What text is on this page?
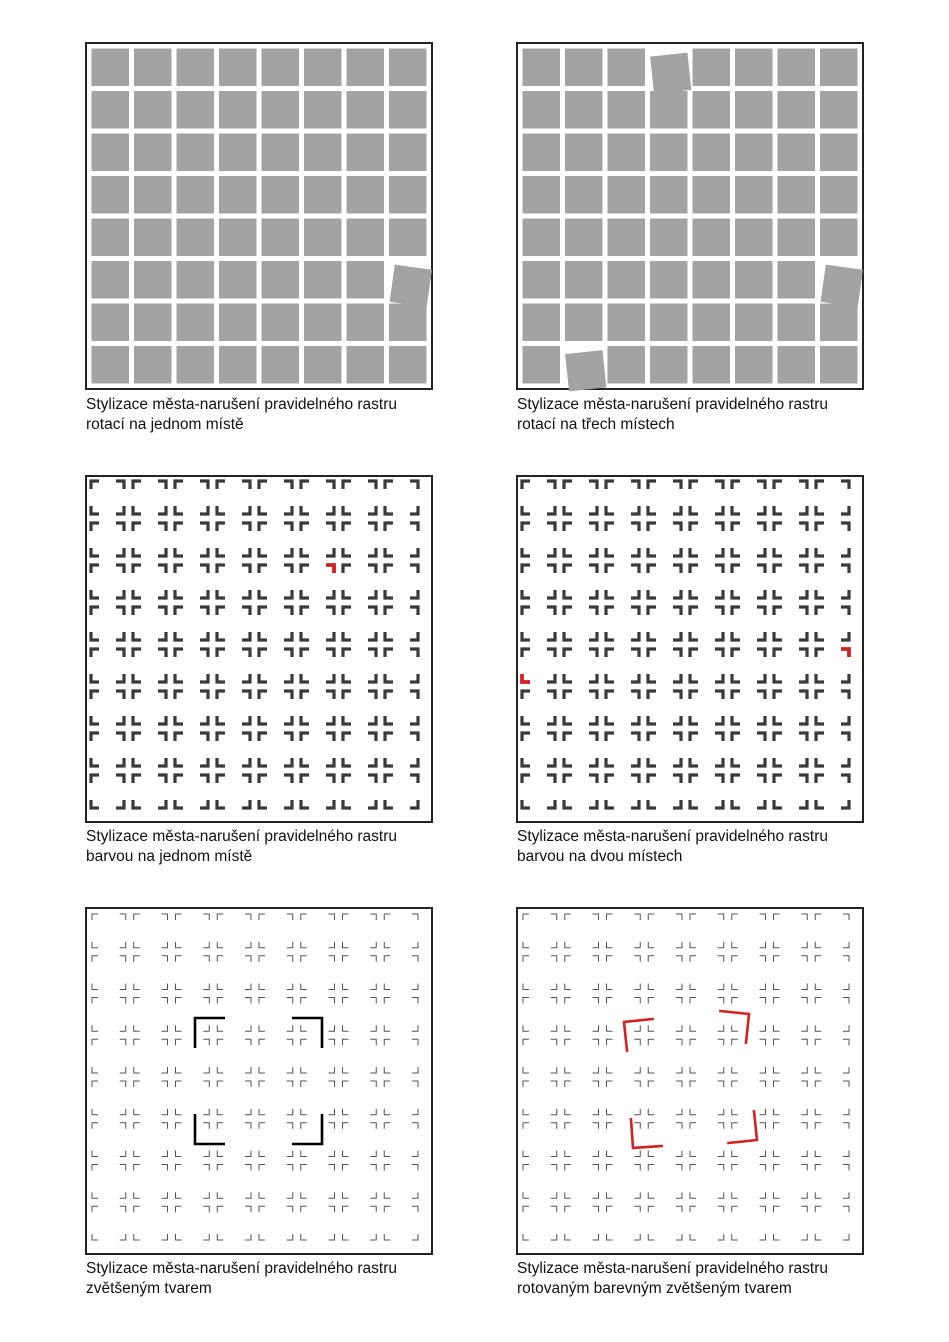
Stylizace města-narušení pravidelného rastru
rotací na jednom místě
Stylizace města-narušení pravidelného rastru
rotací na třech místech
Stylizace města-narušení pravidelného rastru
barvou na jednom místě
Stylizace města-narušení pravidelného rastru
barvou na dvou místech
Stylizace města-narušení pravidelného rastru
zvětšeným tvarem
Stylizace města-narušení pravidelného rastru
rotovaným barevným zvětšeným tvarem
